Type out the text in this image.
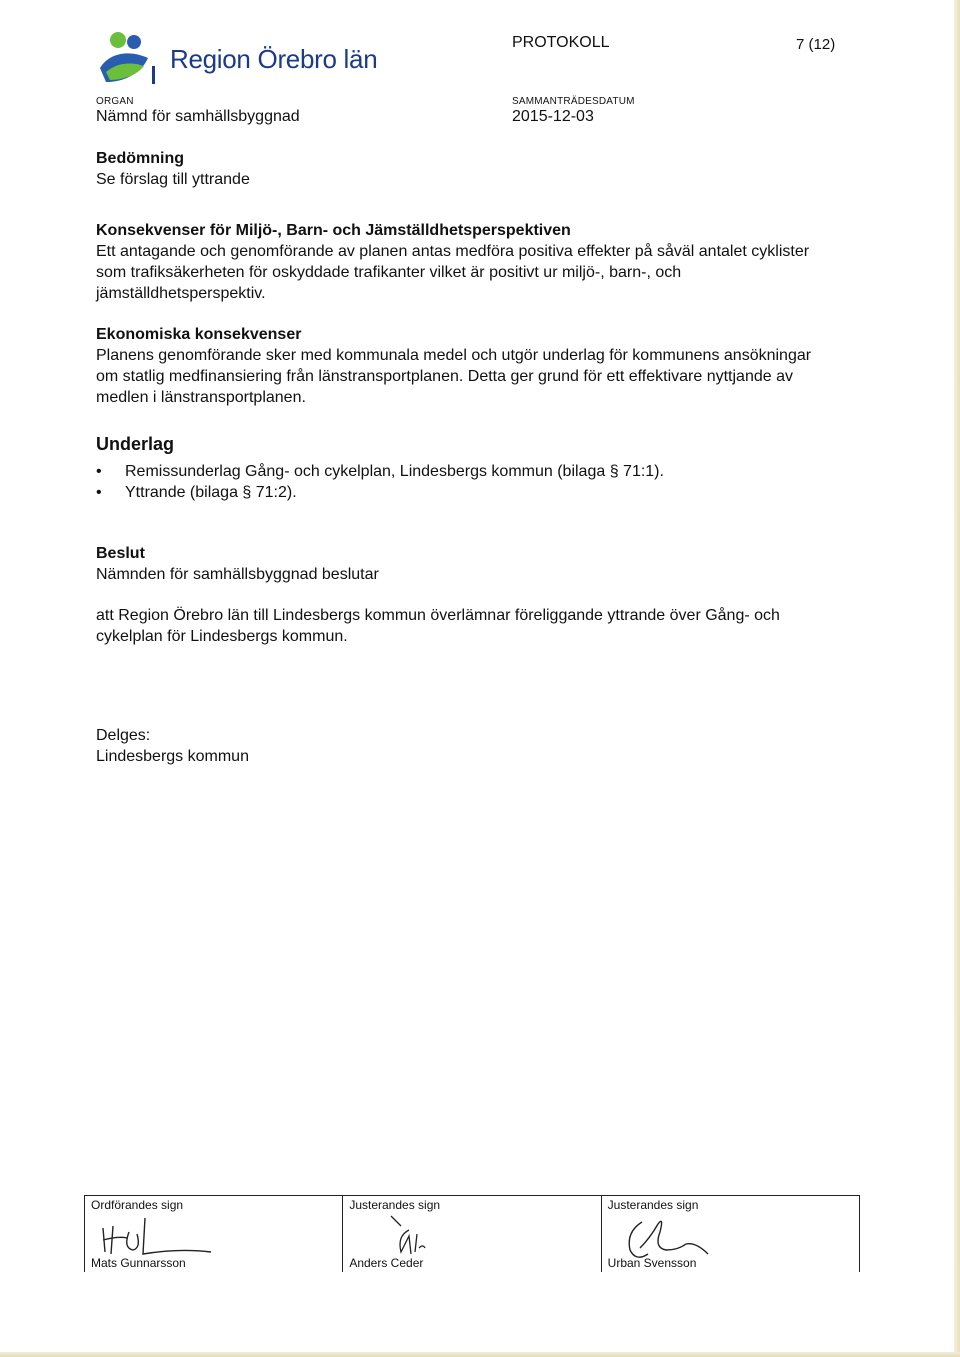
Region Örebro län
PROTOKOLL	7 (12)
ORGAN
Nämnd för samhällsbyggnad
SAMMANTRÄDESDATUM
2015-12-03
Bedömning

Se förslag till yttrande

Konsekvenser för Miljö-, Barn- och Jämställdhetsperspektiven

Ett antagande och genomförande av planen antas medföra positiva effekter på såväl antalet cyklister som trafiksäkerheten för oskyddade trafikanter vilket är positivt ur miljö-, barn-, och jämställdhetsperspektiv.

Ekonomiska konsekvenser

Planens genomförande sker med kommunala medel och utgör underlag för kommunens ansökningar om statlig medfinansiering från länstransportplanen. Detta ger grund för ett effektivare nyttjande av medlen i länstransportplanen.

Underlag
• Remissunderlag Gång- och cykelplan, Lindesbergs kommun (bilaga § 71:1).
• Yttrande (bilaga § 71:2).
Beslut

Nämnden för samhällsbyggnad beslutar

att Region Örebro län till Lindesbergs kommun överlämnar föreliggande yttrande över Gång- och cykelplan för Lindesbergs kommun.

Delges:

Lindesbergs kommun

Ordförandes sign
Mats Gunnarsson
Justerandes sign
Anders Ceder
Justerandes sign
Urban Svensson
